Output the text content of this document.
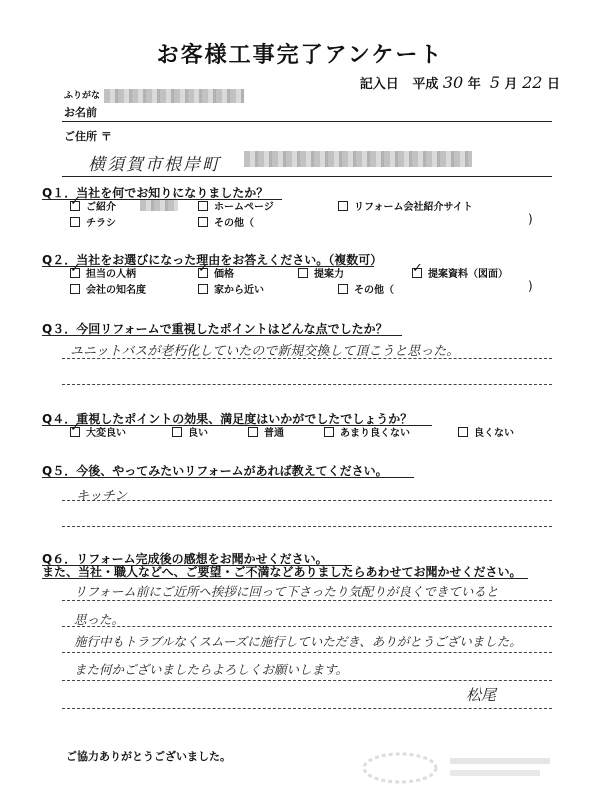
お客様工事完了アンケート
記入日 平成 30 年 5 月 22 日
ふりがな
お名前
ご住所 〒
横須賀市根岸町
Q１．当社を何でお知りになりましたか？
✓ご紹介	ホームページ	リフォーム会社紹介サイト
チラシ	その他（	)
Q２．当社をお選びになった理由をお答えください。（複数可）
✓担当の人柄 ✓	価格	提案力 ✓	提案資料（図面）
会社の知名度	家から近い	その他（	)
Q３．今回リフォームで重視したポイントはどんな点でしたか？
ユニットバスが老朽化していたので新規交換して頂こうと思った。
Q４．重視したポイントの効果、満足度はいかがでしたでしょうか？
✓大変良い	良い	普通	あまり良くない	良くない
Q５．今後、やってみたいリフォームがあれば教えてください。
キッチン
Q６．リフォーム完成後の感想をお聞かせください。
また、当社・職人などへ、ご要望・ご不満などありましたらあわせてお聞かせください。
リフォーム前にご近所へ挨拶に回って下さったり気配りが良くできていると
思った。
施行中もトラブルなくスムーズに施行していただき、ありがとうございました。
また何かございましたらよろしくお願いします。
松尾
ご協力ありがとうございました。
